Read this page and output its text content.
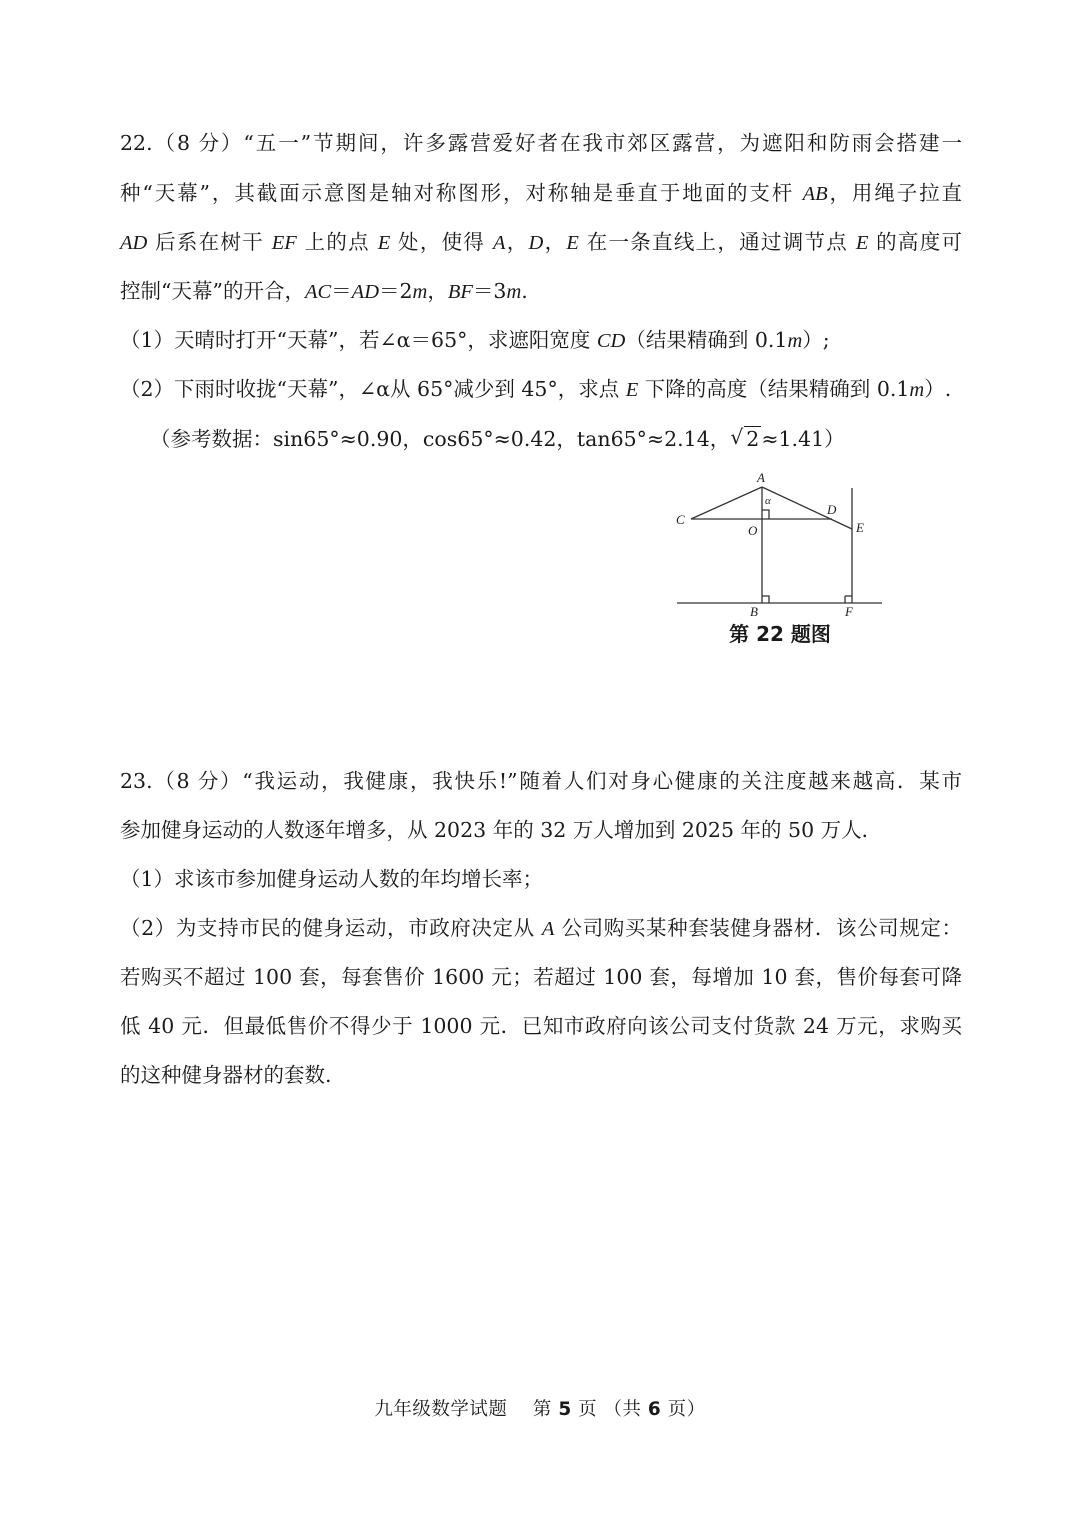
22.（8 分）“五一”节期间，许多露营爱好者在我市郊区露营，为遮阳和防雨会搭建一
种“天幕”，其截面示意图是轴对称图形，对称轴是垂直于地面的支杆 AB，用绳子拉直
AD 后系在树干 EF 上的点 E 处，使得 A，D，E 在一条直线上，通过调节点 E 的高度可
控制“天幕”的开合，AC＝AD＝2m，BF＝3m.
（1）天晴时打开“天幕”，若∠α＝65°，求遮阳宽度 CD（结果精确到 0.1m）;
（2）下雨时收拢“天幕”，∠α从 65°减少到 45°，求点 E 下降的高度（结果精确到 0.1m）.
（参考数据：sin65°≈0.90，cos65°≈0.42，tan65°≈2.14， √ 2≈1.41）
A
α
C
D
O	E
B	F
第 22 题图
23.（8 分）“我运动，我健康，我快乐!”随着人们对身心健康的关注度越来越高．某市
参加健身运动的人数逐年增多，从 2023 年的 32 万人增加到 2025 年的 50 万人．
（1）求该市参加健身运动人数的年均增长率；
（2）为支持市民的健身运动，市政府决定从 A 公司购买某种套装健身器材．该公司规定：
若购买不超过 100 套，每套售价 1600 元；若超过 100 套，每增加 10 套，售价每套可降
低 40 元．但最低售价不得少于 1000 元．已知市政府向该公司支付货款 24 万元，求购买
的这种健身器材的套数.
九年级数学试题 第 5 页 （共 6 页）
